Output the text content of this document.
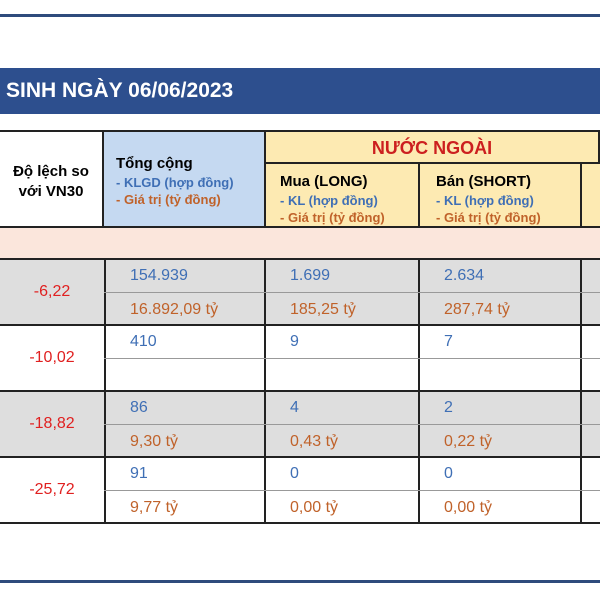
SINH NGÀY 06/06/2023
Độ lệch so với VN30
Tổng cộng
- KLGD (hợp đồng)
- Giá trị (tỷ đồng)
NƯỚC NGOÀI
Mua (LONG)
- KL (hợp đồng)
- Giá trị (tỷ đồng)
Bán (SHORT)
- KL (hợp đồng)
- Giá trị (tỷ đồng)
-6,22
154.939
16.892,09 tỷ
1.699
185,25 tỷ
2.634
287,74 tỷ
-10,02
410	9	7
-18,82
86
9,30 tỷ
4
0,43 tỷ
2
0,22 tỷ
-25,72
91
9,77 tỷ
0
0,00 tỷ
0
0,00 tỷ
